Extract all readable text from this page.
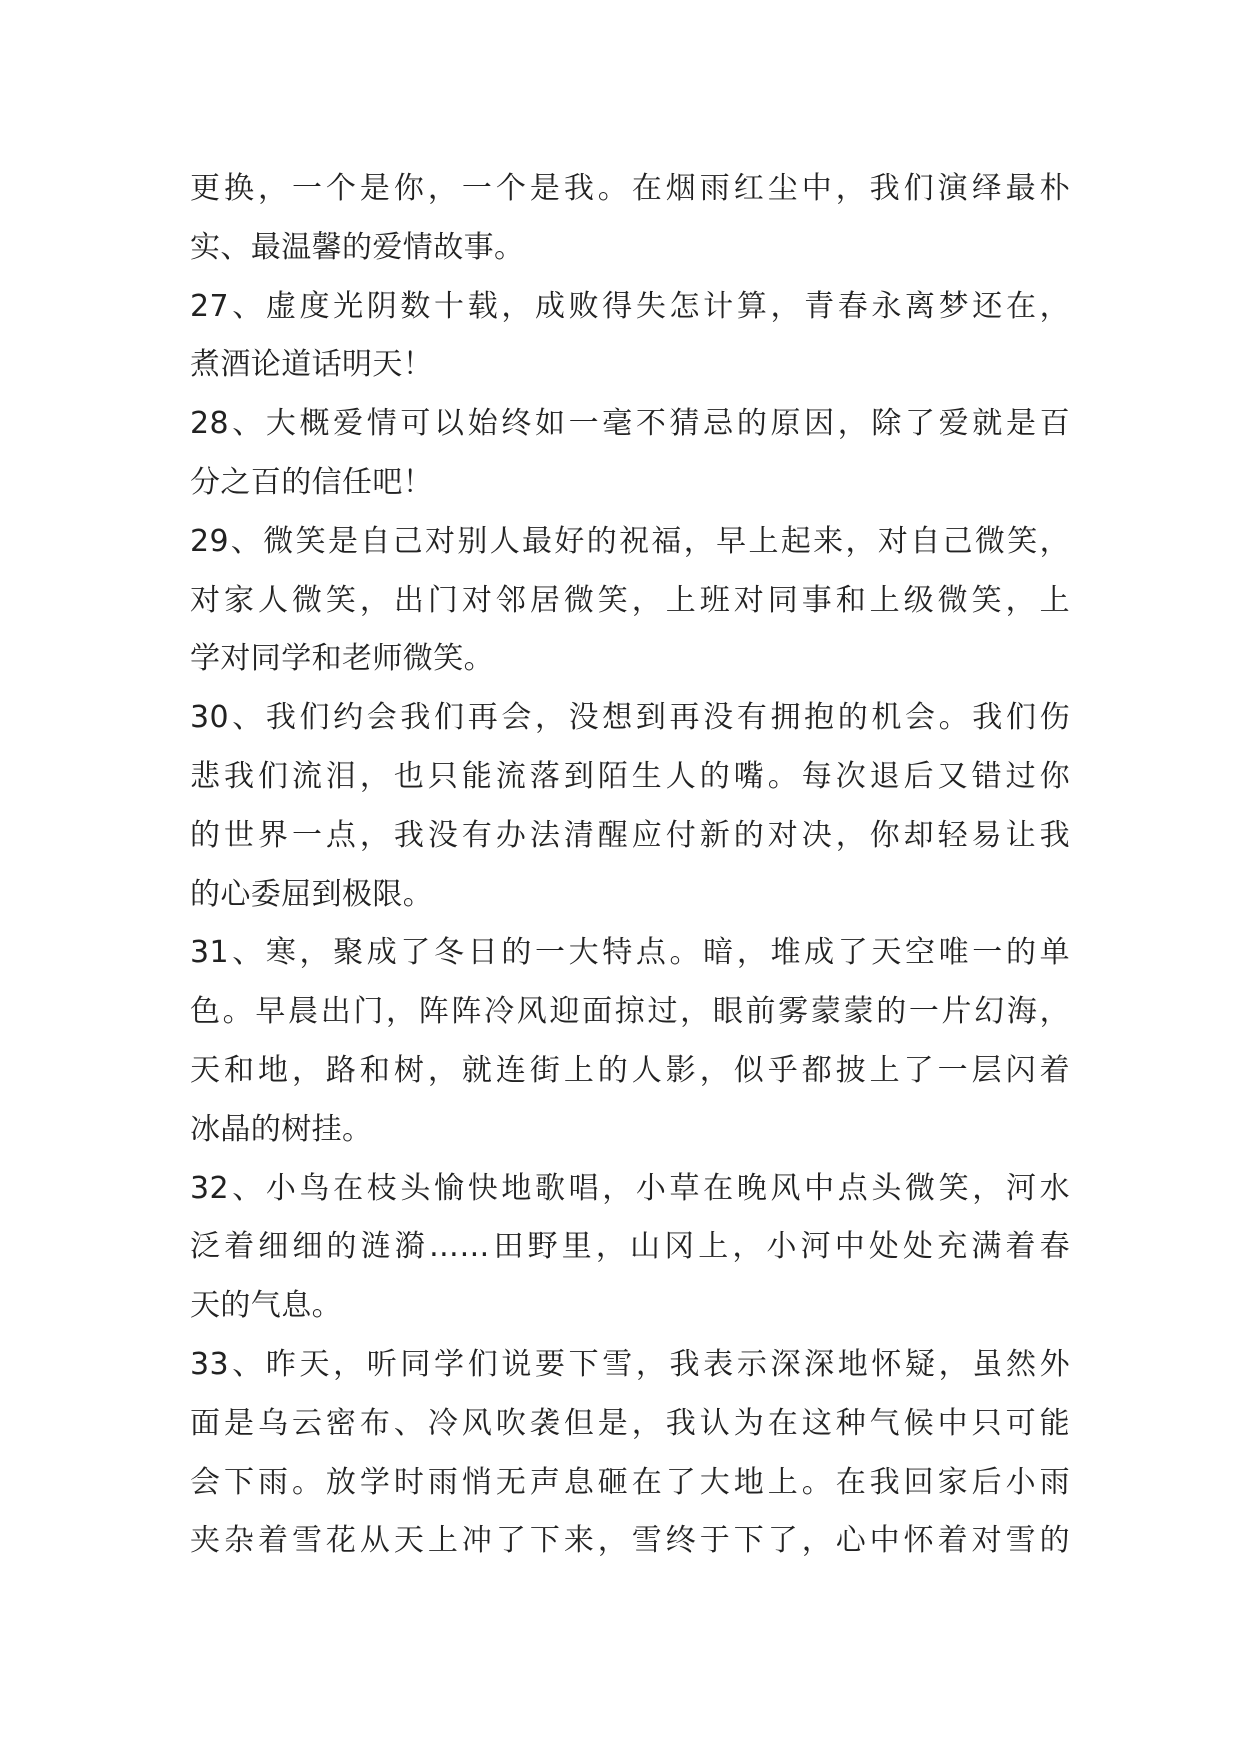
更换，一个是你，一个是我。在烟雨红尘中，我们演绎最朴
实、最温馨的爱情故事。
27、虚度光阴数十载，成败得失怎计算，青春永离梦还在，
煮酒论道话明天！
28、大概爱情可以始终如一毫不猜忌的原因，除了爱就是百
分之百的信任吧！
29、微笑是自己对别人最好的祝福，早上起来，对自己微笑，
对家人微笑，出门对邻居微笑，上班对同事和上级微笑，上
学对同学和老师微笑。
30、我们约会我们再会，没想到再没有拥抱的机会。我们伤
悲我们流泪，也只能流落到陌生人的嘴。每次退后又错过你
的世界一点，我没有办法清醒应付新的对决，你却轻易让我
的心委屈到极限。
31、寒，聚成了冬日的一大特点。暗，堆成了天空唯一的单
色。早晨出门，阵阵冷风迎面掠过，眼前雾蒙蒙的一片幻海，
天和地，路和树，就连街上的人影，似乎都披上了一层闪着
冰晶的树挂。
32、小鸟在枝头愉快地歌唱，小草在晚风中点头微笑，河水
泛着细细的涟漪……田野里，山冈上，小河中处处充满着春
天的气息。
33、昨天，听同学们说要下雪，我表示深深地怀疑，虽然外
面是乌云密布、冷风吹袭但是，我认为在这种气候中只可能
会下雨。放学时雨悄无声息砸在了大地上。在我回家后小雨
夹杂着雪花从天上冲了下来，雪终于下了，心中怀着对雪的
